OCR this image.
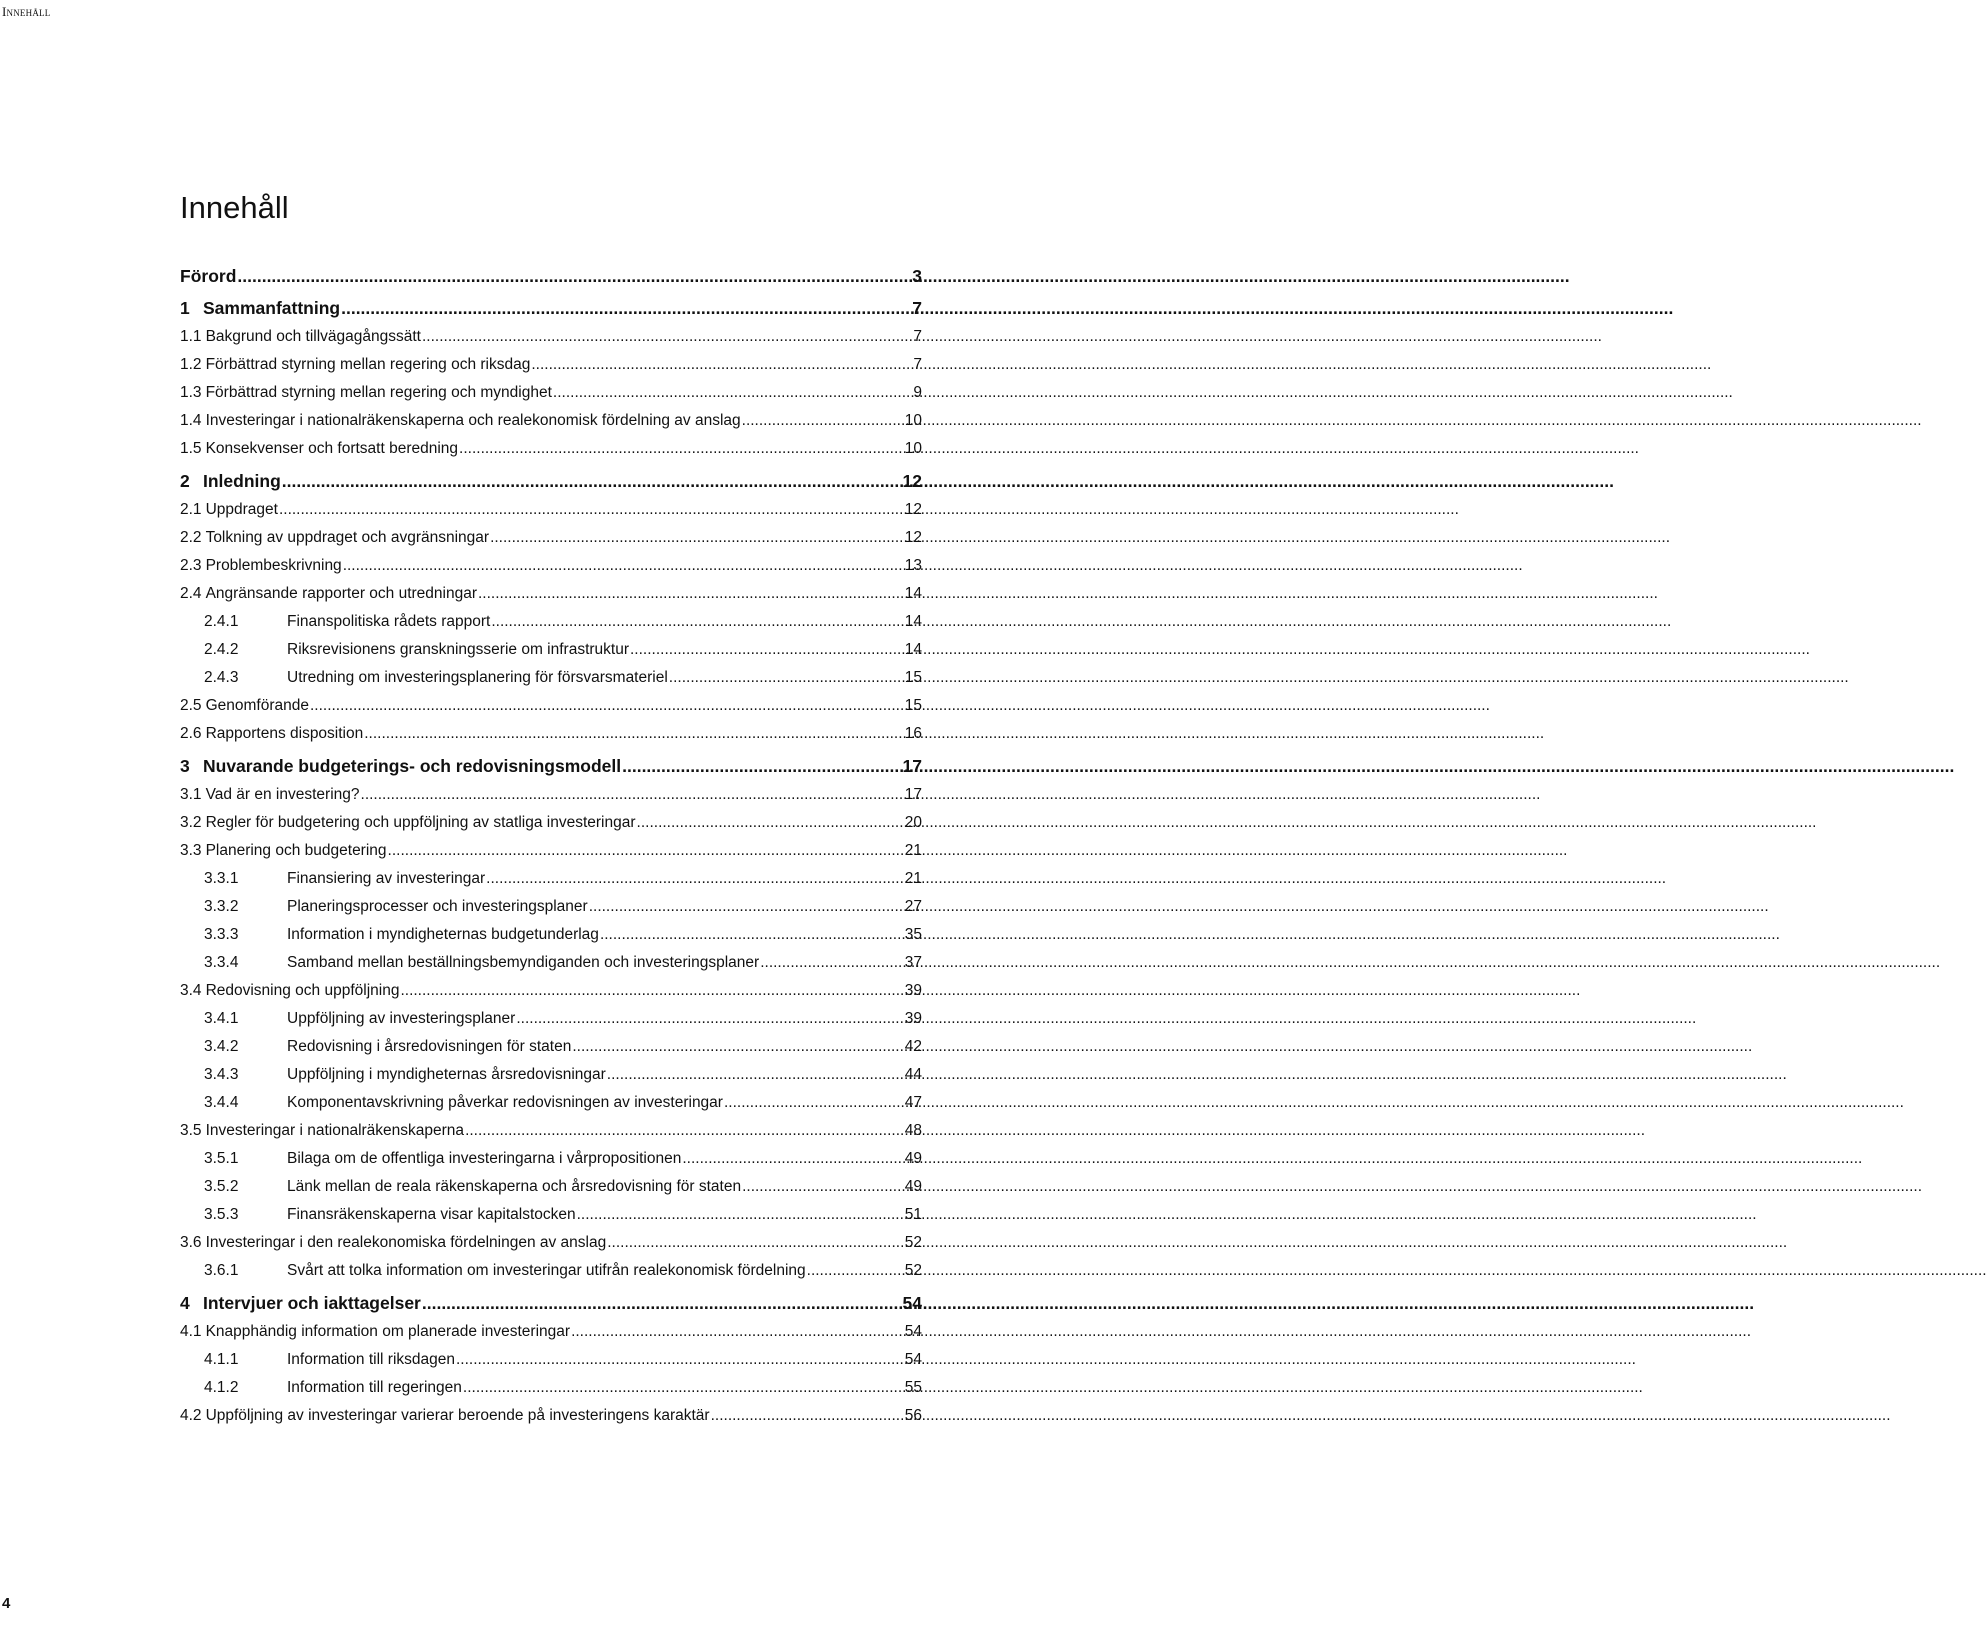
Innehåll
Innehåll
Förord .....	3
1 Sammanfattning .....	7
1.1 Bakgrund och tillvägagångssätt .....	7
1.2 Förbättrad styrning mellan regering och riksdag .....	7
1.3 Förbättrad styrning mellan regering och myndighet .....	9
1.4 Investeringar i nationalräkenskaperna och realekonomisk fördelning av anslag .....	10
1.5 Konsekvenser och fortsatt beredning .....	10
2 Inledning .....	12
2.1 Uppdraget .....	12
2.2 Tolkning av uppdraget och avgränsningar .....	12
2.3 Problembeskrivning .....	13
2.4 Angränsande rapporter och utredningar .....	14
2.4.1	Finanspolitiska rådets rapport .....	14
2.4.2	Riksrevisionens granskningsserie om infrastruktur .....	14
2.4.3	Utredning om investeringsplanering för försvarsmateriel .....	15
2.5 Genomförande .....	15
2.6 Rapportens disposition .....	16
3 Nuvarande budgeterings- och redovisningsmodell .....	17
3.1 Vad är en investering? .....	17
3.2 Regler för budgetering och uppföljning av statliga investeringar .....	20
3.3 Planering och budgetering .....	21
3.3.1	Finansiering av investeringar .....	21
3.3.2	Planeringsprocesser och investeringsplaner .....	27
3.3.3	Information i myndigheternas budgetunderlag .....	35
3.3.4	Samband mellan beställningsbemyndiganden och investeringsplaner .....	37
3.4 Redovisning och uppföljning .....	39
3.4.1	Uppföljning av investeringsplaner .....	39
3.4.2	Redovisning i årsredovisningen för staten .....	42
3.4.3	Uppföljning i myndigheternas årsredovisningar .....	44
3.4.4	Komponentavskrivning påverkar redovisningen av investeringar .....	47
3.5 Investeringar i nationalräkenskaperna .....	48
3.5.1	Bilaga om de offentliga investeringarna i vårpropositionen .....	49
3.5.2	Länk mellan de reala räkenskaperna och årsredovisning för staten .....	49
3.5.3	Finansräkenskaperna visar kapitalstocken .....	51
3.6 Investeringar i den realekonomiska fördelningen av anslag .....	52
3.6.1	Svårt att tolka information om investeringar utifrån realekonomisk fördelning .....	52
4 Intervjuer och iakttagelser .....	54
4.1 Knapphändig information om planerade investeringar .....	54
4.1.1	Information till riksdagen .....	54
4.1.2	Information till regeringen .....	55
4.2 Uppföljning av investeringar varierar beroende på investeringens karaktär .....	56
4
